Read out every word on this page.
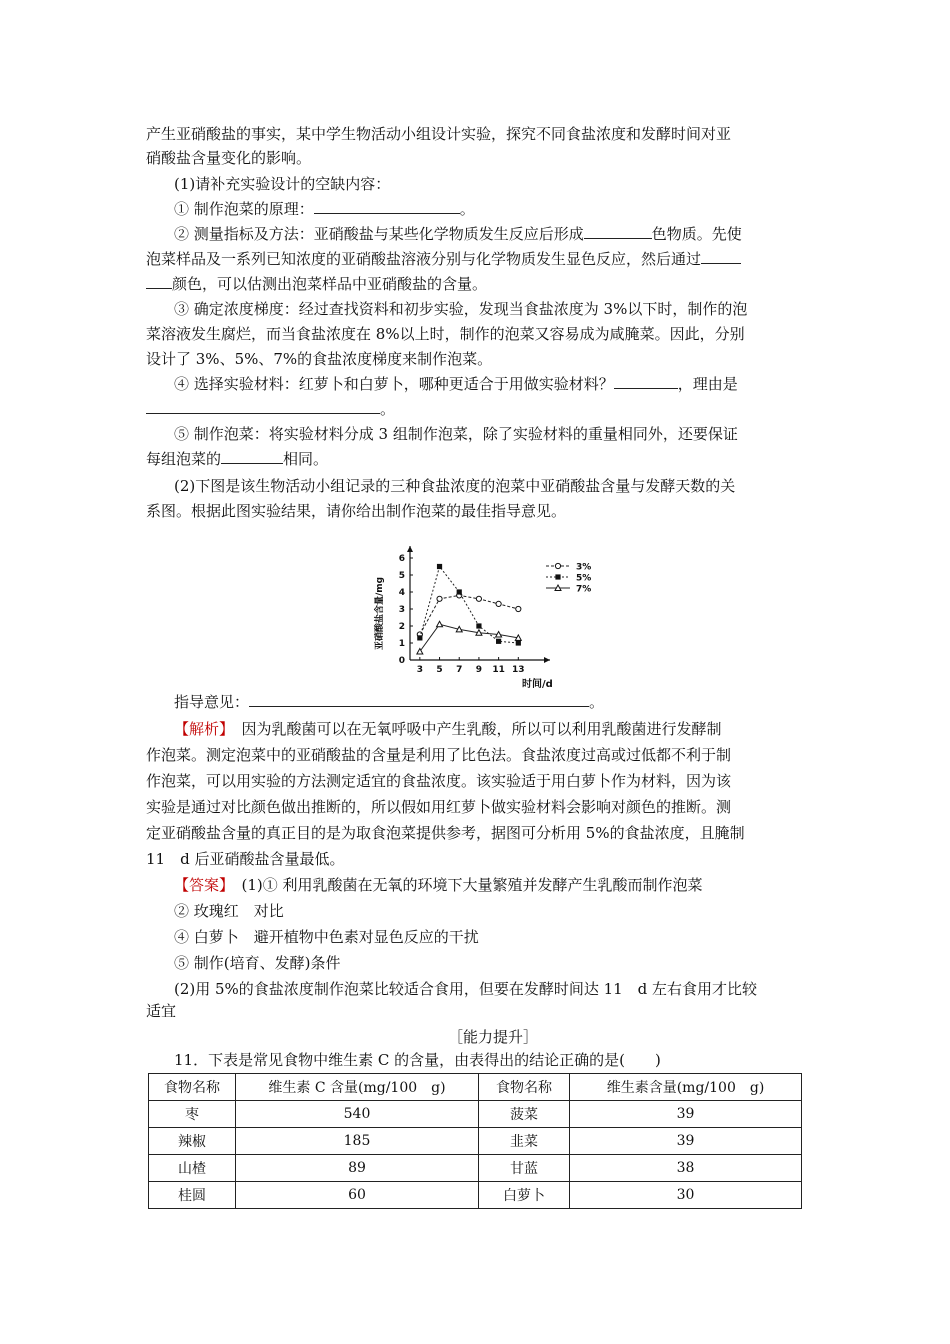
产生亚硝酸盐的事实，某中学生物活动小组设计实验，探究不同食盐浓度和发酵时间对亚
硝酸盐含量变化的影响。
(1)请补充实验设计的空缺内容：
① 制作泡菜的原理：	。
② 测量指标及方法：亚硝酸盐与某些化学物质发生反应后形成	色物质。先使
泡菜样品及一系列已知浓度的亚硝酸盐溶液分别与化学物质发生显色反应，然后通过
颜色，可以估测出泡菜样品中亚硝酸盐的含量。
③ 确定浓度梯度：经过查找资料和初步实验，发现当食盐浓度为 3%以下时，制作的泡
菜溶液发生腐烂，而当食盐浓度在 8%以上时，制作的泡菜又容易成为咸腌菜。因此，分别
设计了 3%、5%、7%的食盐浓度梯度来制作泡菜。
④ 选择实验材料：红萝卜和白萝卜，哪种更适合于用做实验材料？	，理由是
。
⑤ 制作泡菜：将实验材料分成 3 组制作泡菜，除了实验材料的重量相同外，还要保证
每组泡菜的	相同。
(2)下图是该生物活动小组记录的三种食盐浓度的泡菜中亚硝酸盐含量与发酵天数的关
系图。根据此图实验结果，请你给出制作泡菜的最佳指导意见。
0
1
2
3
4
5
6
3 5 7 9 11 13
3%
5%
7%
亚硝酸盐含量/mg
时间/d
指导意见：	。
【解析】　 因为乳酸菌可以在无氧呼吸中产生乳酸，所以可以利用乳酸菌进行发酵制
作泡菜。测定泡菜中的亚硝酸盐的含量是利用了比色法。食盐浓度过高或过低都不利于制
作泡菜，可以用实验的方法测定适宜的食盐浓度。该实验适于用白萝卜作为材料，因为该
实验是通过对比颜色做出推断的，所以假如用红萝卜做实验材料会影响对颜色的推断。测
定亚硝酸盐含量的真正目的是为取食泡菜提供参考，据图可分析用 5%的食盐浓度，且腌制
11　d 后亚硝酸盐含量最低。
【答案】　 (1)① 利用乳酸菌在无氧的环境下大量繁殖并发酵产生乳酸而制作泡菜
② 玫瑰红　对比
④ 白萝卜　避开植物中色素对显色反应的干扰
⑤ 制作(培育、发酵)条件
(2)用 5%的食盐浓度制作泡菜比较适合食用，但要在发酵时间达 11　d 左右食用才比较
适宜
［能力提升］
11．下表是常见食物中维生素 C 的含量，由表得出的结论正确的是(　　)
食物名称	维生素 C 含量(mg/100　g)	食物名称	维生素含量(mg/100　g)
枣	540	菠菜	39
辣椒	185	韭菜	39
山楂	89	甘蓝	38
桂圆	60	白萝卜	30
